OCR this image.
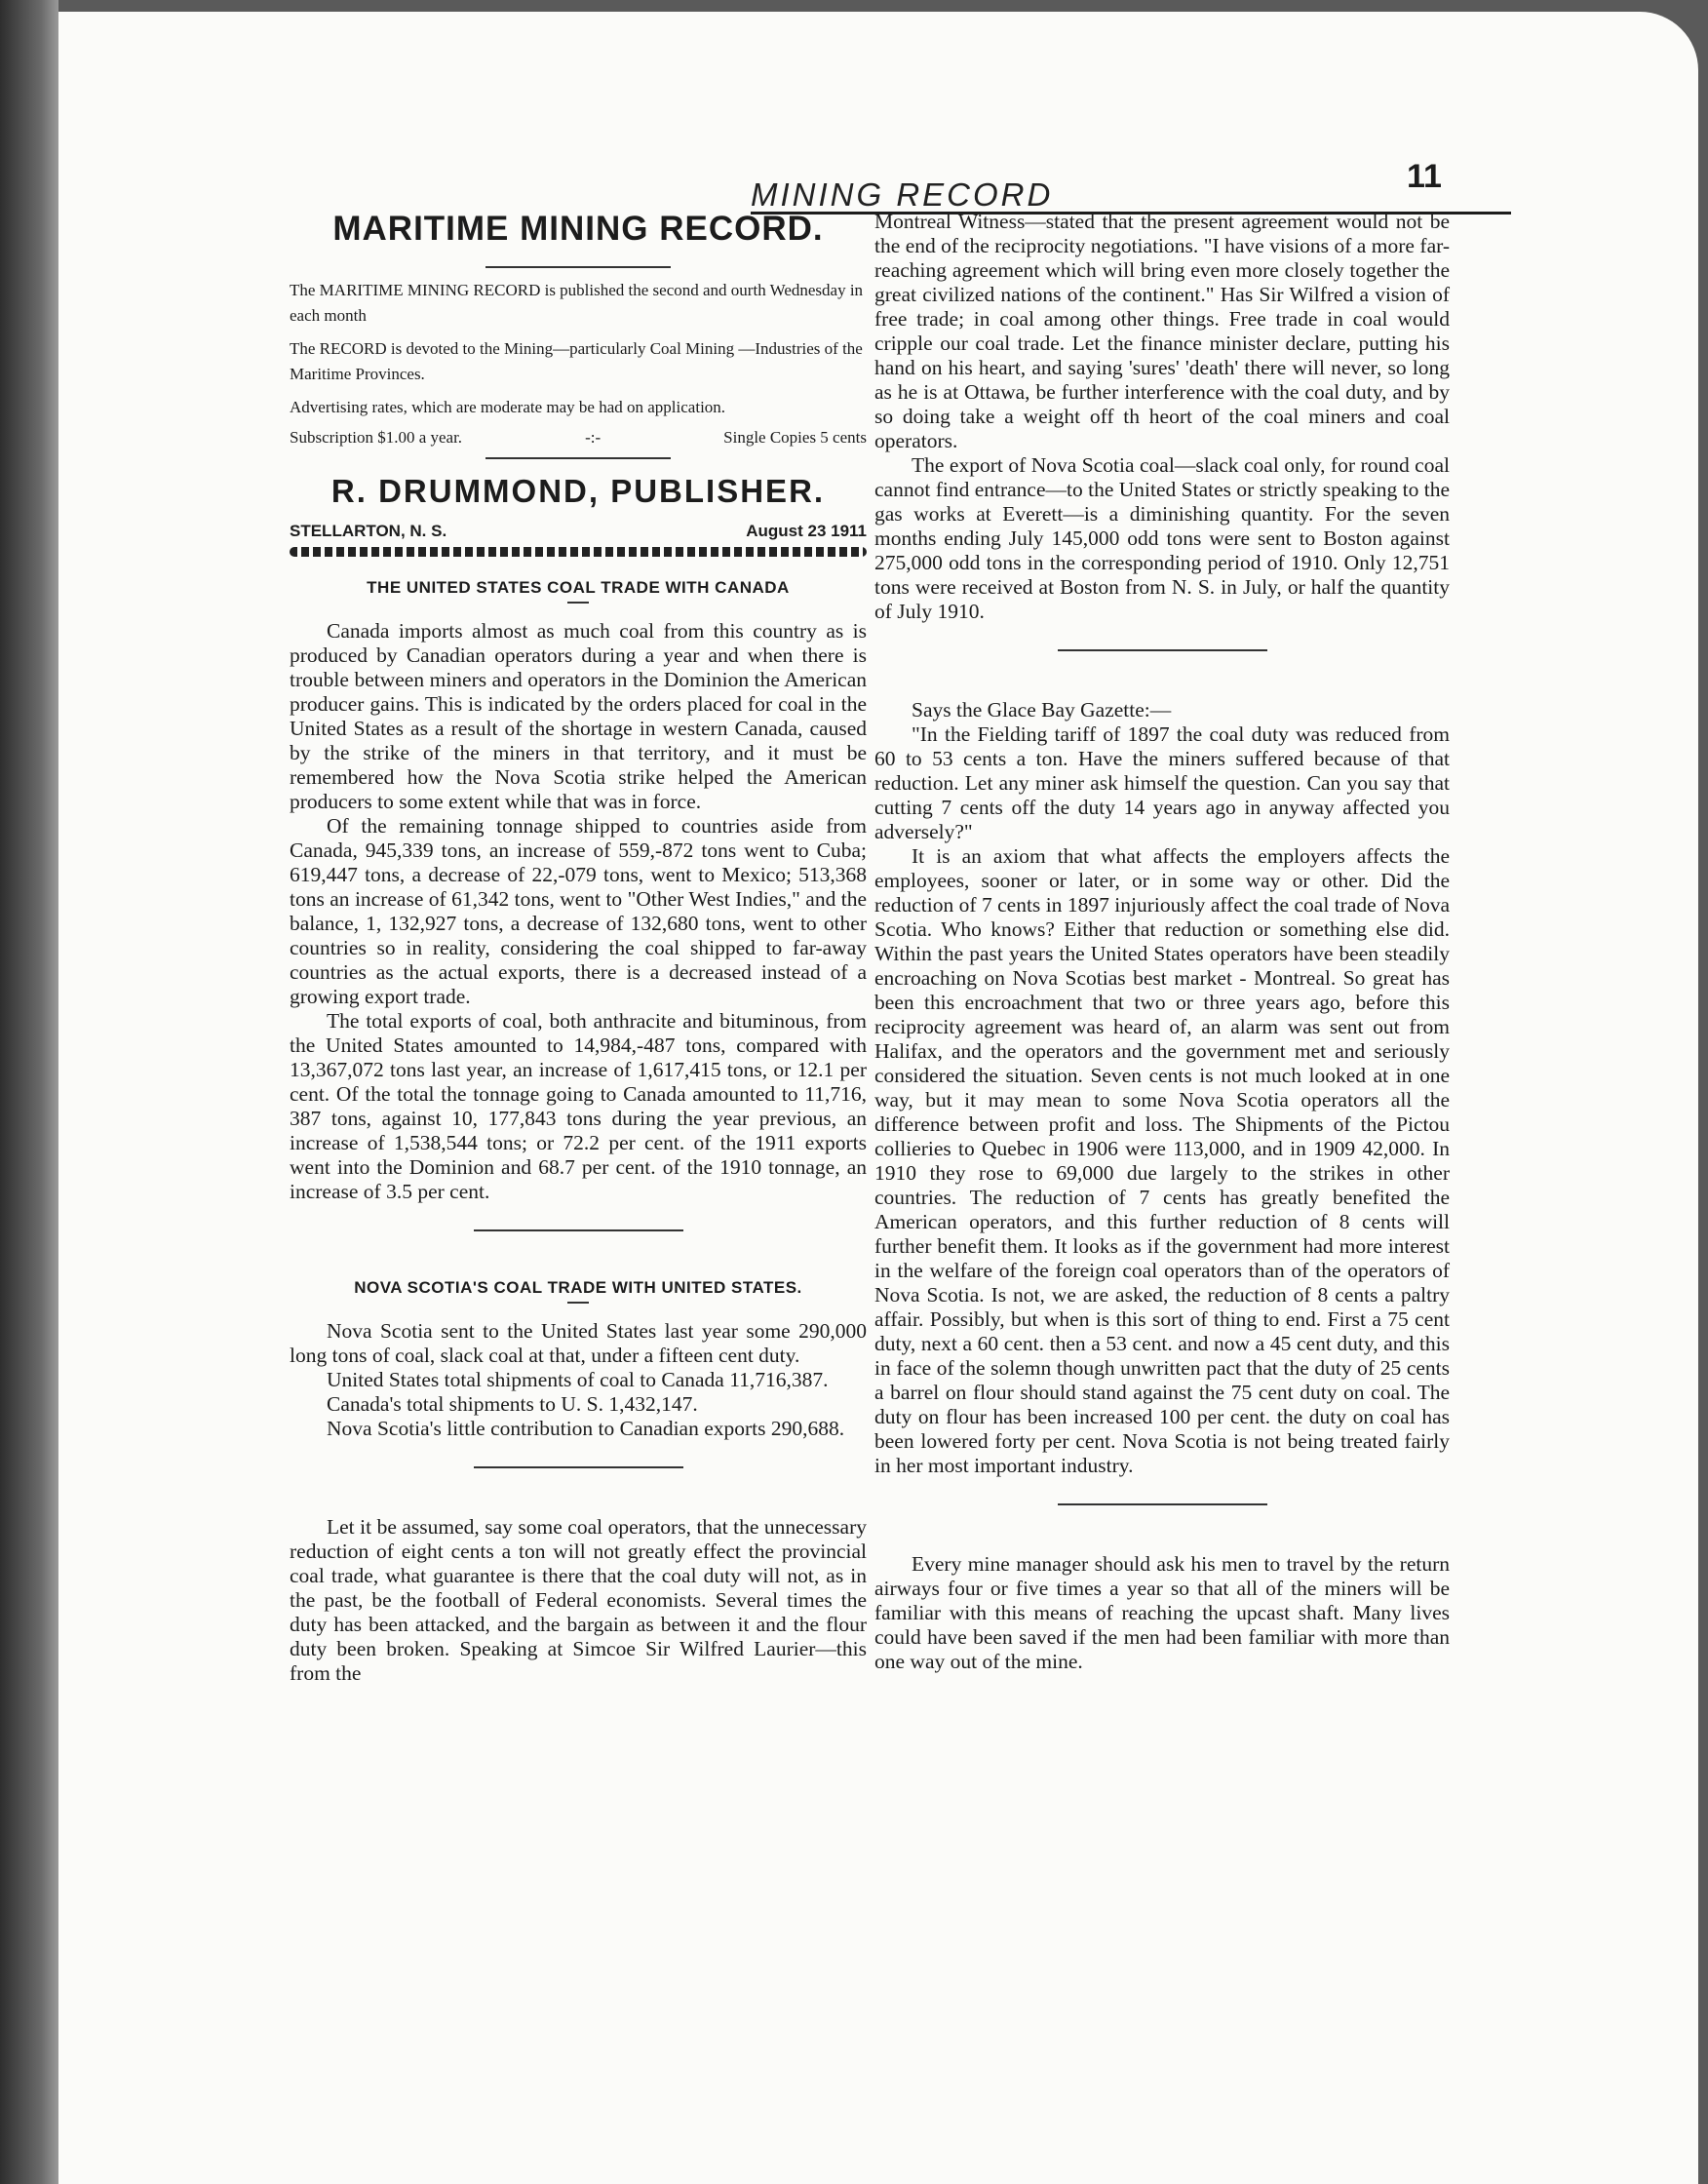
MINING RECORD	11
MARITIME MINING RECORD.

The MARITIME MINING RECORD is published the second and ourth Wednesday in each month

The RECORD is devoted to the Mining—particularly Coal Mining —Industries of the Maritime Provinces.

Advertising rates, which are moderate may be had on application.

Subscription $1.00 a year.	-:-	Single Copies 5 cents
R. DRUMMOND, PUBLISHER.
STELLARTON, N. S.	August 23 1911
THE UNITED STATES COAL TRADE WITH CANADA

Canada imports almost as much coal from this country as is produced by Canadian operators during a year and when there is trouble between miners and operators in the Dominion the American producer gains. This is indicated by the orders placed for coal in the United States as a result of the shortage in western Canada, caused by the strike of the miners in that territory, and it must be remembered how the Nova Scotia strike helped the American producers to some extent while that was in force.

Of the remaining tonnage shipped to countries aside from Canada, 945,339 tons, an increase of 559,-872 tons went to Cuba; 619,447 tons, a decrease of 22,-079 tons, went to Mexico; 513,368 tons an increase of 61,342 tons, went to "Other West Indies," and the balance, 1, 132,927 tons, a decrease of 132,680 tons, went to other countries so in reality, considering the coal shipped to far-away countries as the actual exports, there is a decreased instead of a growing export trade.

The total exports of coal, both anthracite and bituminous, from the United States amounted to 14,984,-487 tons, compared with 13,367,072 tons last year, an increase of 1,617,415 tons, or 12.1 per cent. Of the total the tonnage going to Canada amounted to 11,716, 387 tons, against 10, 177,843 tons during the year previous, an increase of 1,538,544 tons; or 72.2 per cent. of the 1911 exports went into the Dominion and 68.7 per cent. of the 1910 tonnage, an increase of 3.5 per cent.

NOVA SCOTIA'S COAL TRADE WITH UNITED STATES.

Nova Scotia sent to the United States last year some 290,000 long tons of coal, slack coal at that, under a fifteen cent duty.

United States total shipments of coal to Canada 11,716,387.

Canada's total shipments to U. S. 1,432,147.

Nova Scotia's little contribution to Canadian exports 290,688.

Let it be assumed, say some coal operators, that the unnecessary reduction of eight cents a ton will not greatly effect the provincial coal trade, what guarantee is there that the coal duty will not, as in the past, be the football of Federal economists. Several times the duty has been attacked, and the bargain as between it and the flour duty been broken. Speaking at Simcoe Sir Wilfred Laurier—this from the

Montreal Witness—stated that the present agreement would not be the end of the reciprocity negotiations. "I have visions of a more far-reaching agreement which will bring even more closely together the great civilized nations of the continent." Has Sir Wilfred a vision of free trade; in coal among other things. Free trade in coal would cripple our coal trade. Let the finance minister declare, putting his hand on his heart, and saying 'sures' 'death' there will never, so long as he is at Ottawa, be further interference with the coal duty, and by so doing take a weight off th heort of the coal miners and coal operators.

The export of Nova Scotia coal—slack coal only, for round coal cannot find entrance—to the United States or strictly speaking to the gas works at Everett—is a diminishing quantity. For the seven months ending July 145,000 odd tons were sent to Boston against 275,000 odd tons in the corresponding period of 1910. Only 12,751 tons were received at Boston from N. S. in July, or half the quantity of July 1910.

Says the Glace Bay Gazette:—

"In the Fielding tariff of 1897 the coal duty was reduced from 60 to 53 cents a ton. Have the miners suffered because of that reduction. Let any miner ask himself the question. Can you say that cutting 7 cents off the duty 14 years ago in anyway affected you adversely?"

It is an axiom that what affects the employers affects the employees, sooner or later, or in some way or other. Did the reduction of 7 cents in 1897 injuriously affect the coal trade of Nova Scotia. Who knows? Either that reduction or something else did. Within the past years the United States operators have been steadily encroaching on Nova Scotias best market - Montreal. So great has been this encroachment that two or three years ago, before this reciprocity agreement was heard of, an alarm was sent out from Halifax, and the operators and the government met and seriously considered the situation. Seven cents is not much looked at in one way, but it may mean to some Nova Scotia operators all the difference between profit and loss. The Shipments of the Pictou collieries to Quebec in 1906 were 113,000, and in 1909 42,000. In 1910 they rose to 69,000 due largely to the strikes in other countries. The reduction of 7 cents has greatly benefited the American operators, and this further reduction of 8 cents will further benefit them. It looks as if the government had more interest in the welfare of the foreign coal operators than of the operators of Nova Scotia. Is not, we are asked, the reduction of 8 cents a paltry affair. Possibly, but when is this sort of thing to end. First a 75 cent duty, next a 60 cent. then a 53 cent. and now a 45 cent duty, and this in face of the solemn though unwritten pact that the duty of 25 cents a barrel on flour should stand against the 75 cent duty on coal. The duty on flour has been increased 100 per cent. the duty on coal has been lowered forty per cent. Nova Scotia is not being treated fairly in her most important industry.

Every mine manager should ask his men to travel by the return airways four or five times a year so that all of the miners will be familiar with this means of reaching the upcast shaft. Many lives could have been saved if the men had been familiar with more than one way out of the mine.
